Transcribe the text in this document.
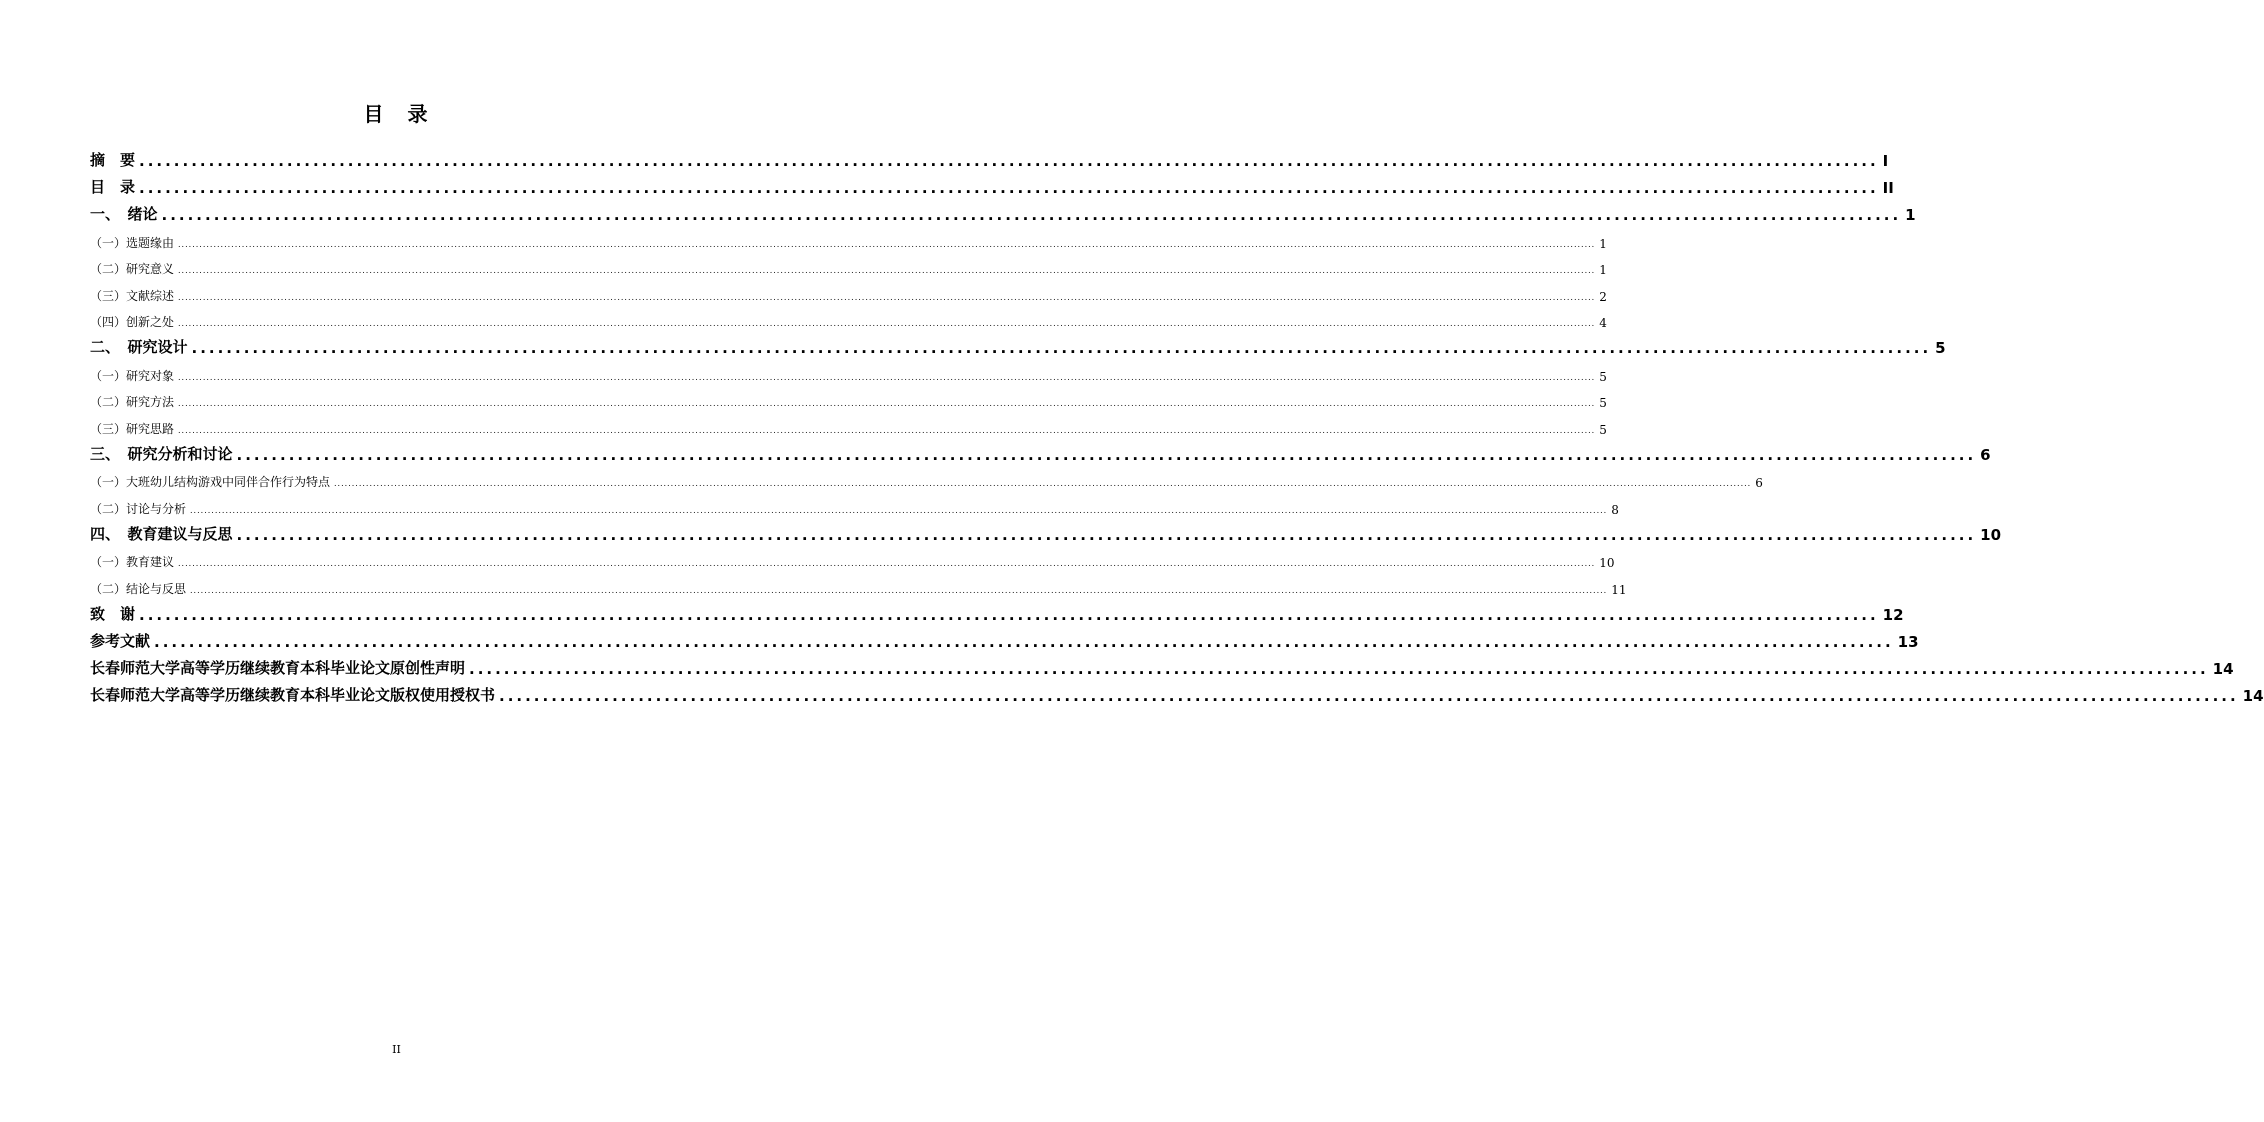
目　录
摘　要 ........................................................................................................................................................................................................ I
目　录 ........................................................................................................................................................................................................ II
一、　绪论 ........................................................................................................................................................................................................ 1
（一）选题缘由 ................................................................................................................................................................................................................................................................................................................................................................................................................ 1
（二）研究意义 ................................................................................................................................................................................................................................................................................................................................................................................................................ 1
（三）文献综述 ................................................................................................................................................................................................................................................................................................................................................................................................................ 2
（四）创新之处 ................................................................................................................................................................................................................................................................................................................................................................................................................ 4
二、　研究设计 ........................................................................................................................................................................................................ 5
（一）研究对象 ................................................................................................................................................................................................................................................................................................................................................................................................................ 5
（二）研究方法 ................................................................................................................................................................................................................................................................................................................................................................................................................ 5
（三）研究思路 ................................................................................................................................................................................................................................................................................................................................................................................................................ 5
三、　研究分析和讨论 ........................................................................................................................................................................................................ 6
（一）大班幼儿结构游戏中同伴合作行为特点 ................................................................................................................................................................................................................................................................................................................................................................................................................ 6
（二）讨论与分析 ................................................................................................................................................................................................................................................................................................................................................................................................................ 8
四、　教育建议与反思 ........................................................................................................................................................................................................ 10
（一）教育建议 ................................................................................................................................................................................................................................................................................................................................................................................................................ 10
（二）结论与反思 ................................................................................................................................................................................................................................................................................................................................................................................................................ 11
致　谢 ........................................................................................................................................................................................................ 12
参考文献 ........................................................................................................................................................................................................ 13
长春师范大学高等学历继续教育本科毕业论文原创性声明 ........................................................................................................................................................................................................ 14
长春师范大学高等学历继续教育本科毕业论文版权使用授权书 ........................................................................................................................................................................................................ 14
II
